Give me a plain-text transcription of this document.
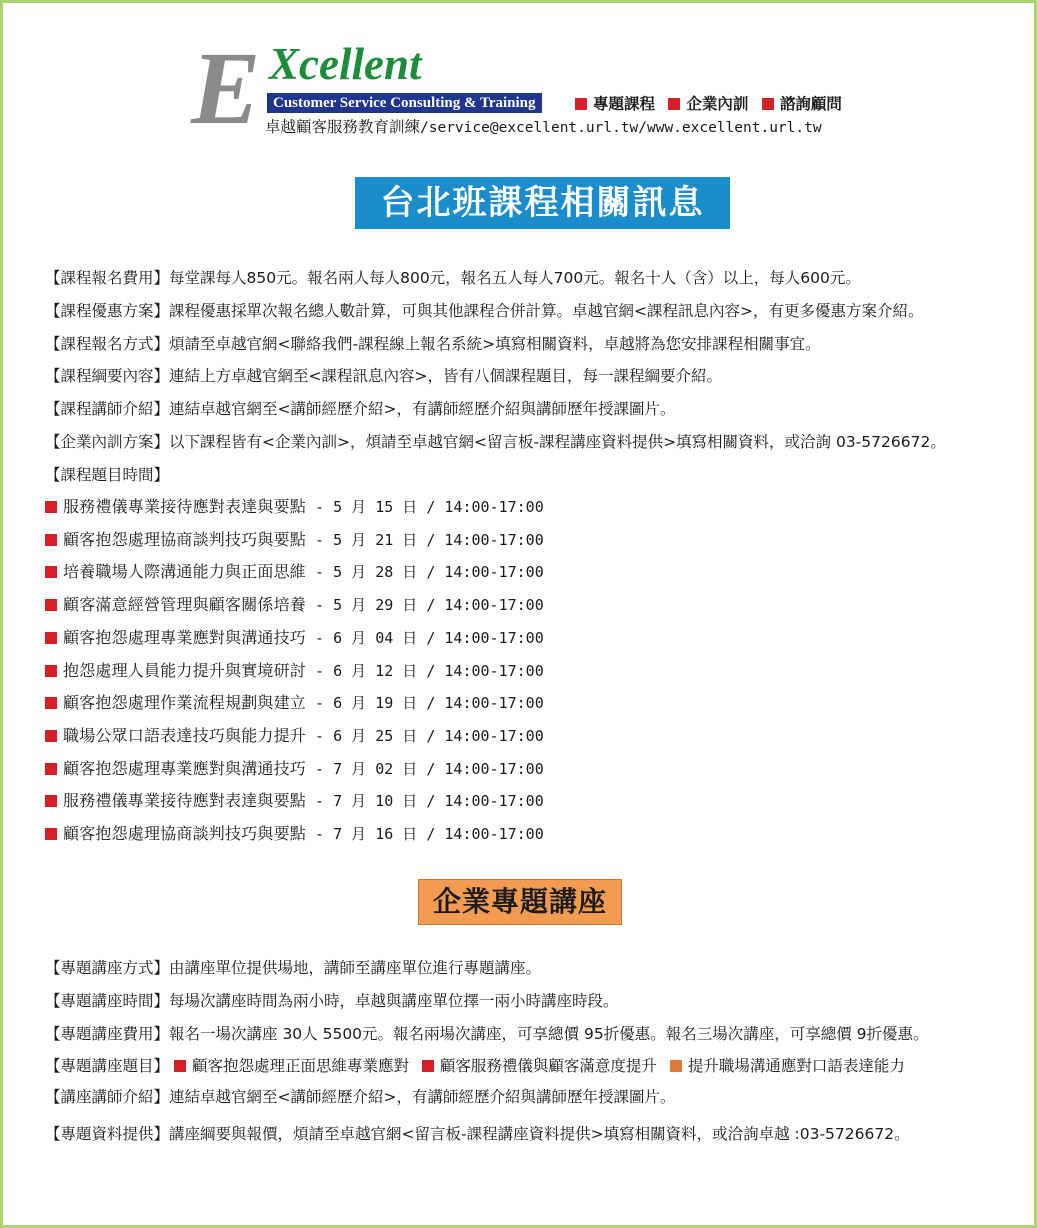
E Xcellent
Customer Service Consulting & Training	專題課程 企業內訓 諮詢顧問
卓越顧客服務教育訓練/service@excellent.url.tw/www.excellent.url.tw
台北班課程相關訊息
【課程報名費用】每堂課每人850元。報名兩人每人800元，報名五人每人700元。報名十人（含）以上，每人600元。
【課程優惠方案】課程優惠採單次報名總人數計算，可與其他課程合併計算。卓越官網<課程訊息內容>，有更多優惠方案介紹。
【課程報名方式】煩請至卓越官網<聯絡我們-課程線上報名系統>填寫相關資料，卓越將為您安排課程相關事宜。
【課程綱要內容】連結上方卓越官網至<課程訊息內容>，皆有八個課程題目，每一課程綱要介紹。
【課程講師介紹】連結卓越官網至<講師經歷介紹>，有講師經歷介紹與講師歷年授課圖片。
【企業內訓方案】以下課程皆有<企業內訓>，煩請至卓越官網<留言板-課程講座資料提供>填寫相關資料，或洽詢 03-5726672。
【課程題目時間】
服務禮儀專業接待應對表達與要點 - 5 月 15 日 / 14:00-17:00
顧客抱怨處理協商談判技巧與要點 - 5 月 21 日 / 14:00-17:00
培養職場人際溝通能力與正面思維 - 5 月 28 日 / 14:00-17:00
顧客滿意經營管理與顧客關係培養 - 5 月 29 日 / 14:00-17:00
顧客抱怨處理專業應對與溝通技巧 - 6 月 04 日 / 14:00-17:00
抱怨處理人員能力提升與實境研討 - 6 月 12 日 / 14:00-17:00
顧客抱怨處理作業流程規劃與建立 - 6 月 19 日 / 14:00-17:00
職場公眾口語表達技巧與能力提升 - 6 月 25 日 / 14:00-17:00
顧客抱怨處理專業應對與溝通技巧 - 7 月 02 日 / 14:00-17:00
服務禮儀專業接待應對表達與要點 - 7 月 10 日 / 14:00-17:00
顧客抱怨處理協商談判技巧與要點 - 7 月 16 日 / 14:00-17:00
企業專題講座
【專題講座方式】由講座單位提供場地，講師至講座單位進行專題講座。
【專題講座時間】每場次講座時間為兩小時，卓越與講座單位擇一兩小時講座時段。
【專題講座費用】報名一場次講座 30人 5500元。報名兩場次講座，可享總價 95折優惠。報名三場次講座，可享總價 9折優惠。
【專題講座題目】 顧客抱怨處理正面思維專業應對 顧客服務禮儀與顧客滿意度提升 提升職場溝通應對口語表達能力
【講座講師介紹】連結卓越官網至<講師經歷介紹>，有講師經歷介紹與講師歷年授課圖片。
【專題資料提供】講座綱要與報價，煩請至卓越官網<留言板-課程講座資料提供>填寫相關資料，或洽詢卓越 :03-5726672。
